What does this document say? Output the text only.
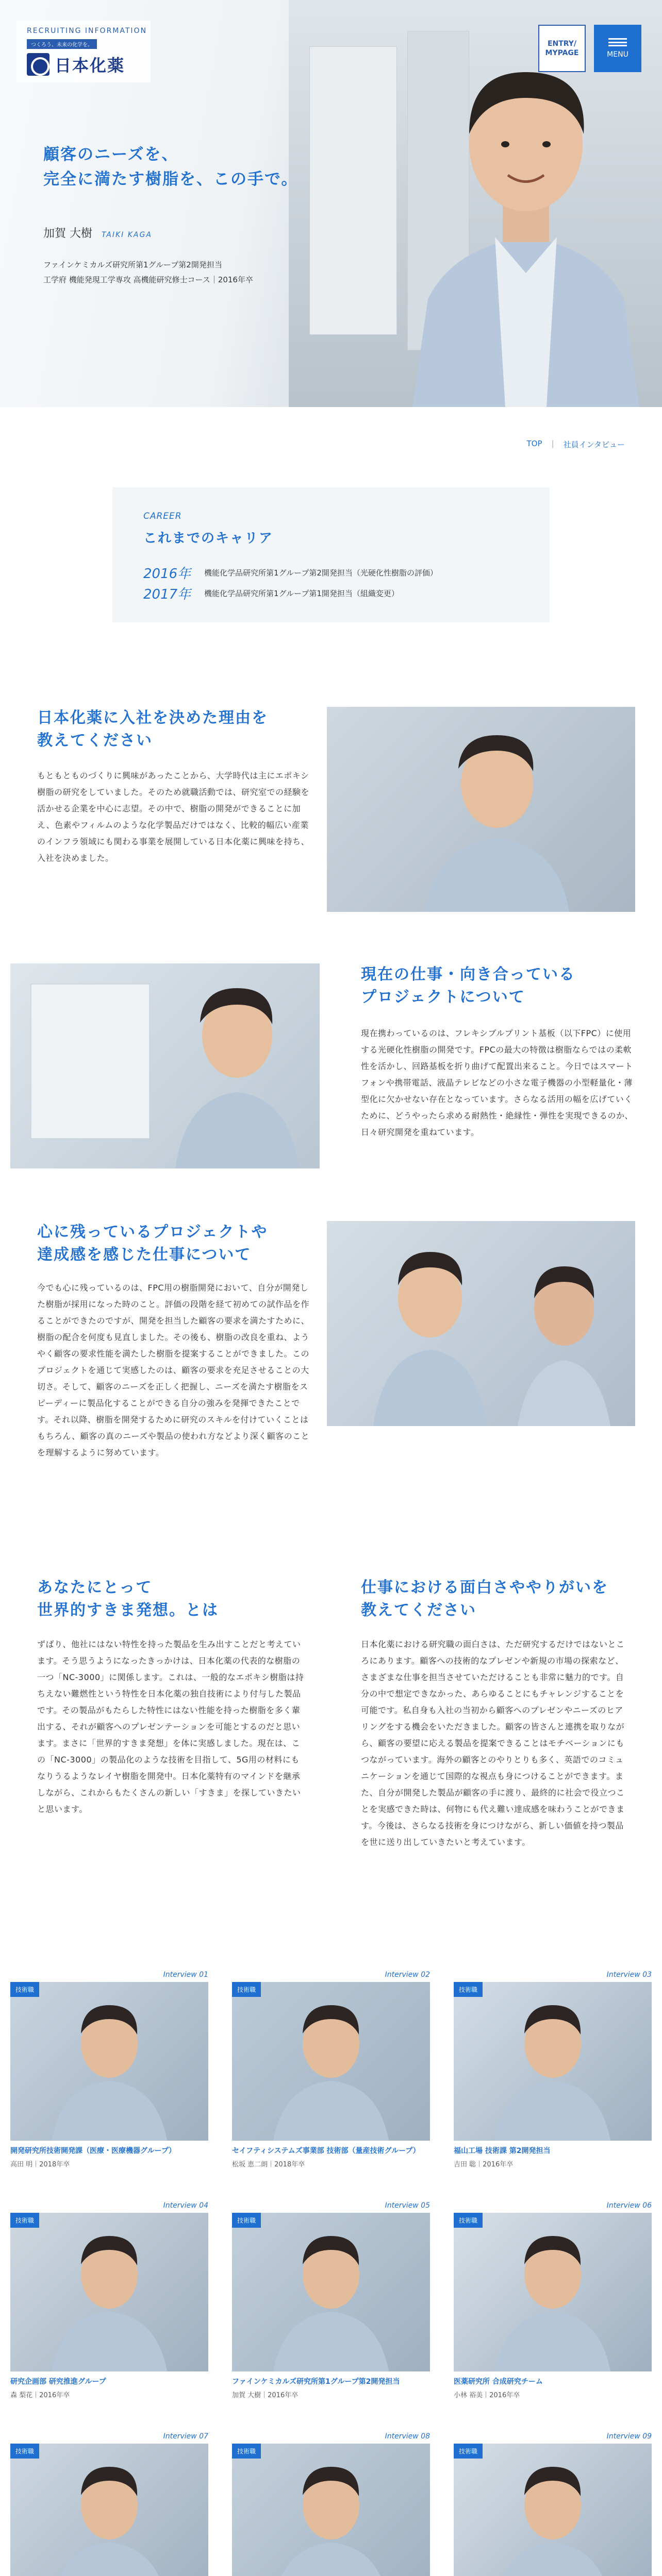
RECRUITING INFORMATION
つくろう、未来の化学を。
日本化薬
ENTRY/ MYPAGE	MENU
顧客のニーズを、
完全に満たす樹脂を、この手で。
加賀 大樹 TAIKI KAGA
ファインケミカルズ研究所第1グループ第2開発担当
工学府 機能発現工学専攻 高機能研究修士コース｜2016年卒
TOP | 社員インタビュー
CAREER
これまでのキャリア
2016年 機能化学品研究所第1グループ第2開発担当（光硬化性樹脂の評価）
2017年 機能化学品研究所第1グループ第1開発担当（組織変更）
日本化薬に入社を決めた理由を
教えてください

もともとものづくりに興味があったことから、大学時代は主にエポキシ樹脂の研究をしていました。そのため就職活動では、研究室での経験を活かせる企業を中心に志望。その中で、樹脂の開発ができることに加え、色素やフィルムのような化学製品だけではなく、比較的幅広い産業のインフラ領域にも関わる事業を展開している日本化薬に興味を持ち、入社を決めました。

現在の仕事・向き合っている
プロジェクトについて

現在携わっているのは、フレキシブルプリント基板（以下FPC）に使用する光硬化性樹脂の開発です。FPCの最大の特徴は樹脂ならではの柔軟性を活かし、回路基板を折り曲げて配置出来ること。今日ではスマートフォンや携帯電話、液晶テレビなどの小さな電子機器の小型軽量化・薄型化に欠かせない存在となっています。さらなる活用の幅を広げていくために、どうやったら求める耐熱性・絶縁性・弾性を実現できるのか、日々研究開発を重ねています。

心に残っているプロジェクトや
達成感を感じた仕事について

今でも心に残っているのは、FPC用の樹脂開発において、自分が開発した樹脂が採用になった時のこと。評価の段階を経て初めての試作品を作ることができたのですが、開発を担当した顧客の要求を満たすために、樹脂の配合を何度も見直しました。その後も、樹脂の改良を重ね、ようやく顧客の要求性能を満たした樹脂を提案することができました。このプロジェクトを通じて実感したのは、顧客の要求を充足させることの大切さ。そして、顧客のニーズを正しく把握し、ニーズを満たす樹脂をスピーディーに製品化することができる自分の強みを発揮できたことです。それ以降、樹脂を開発するために研究のスキルを付けていくことはもちろん、顧客の真のニーズや製品の使われ方などより深く顧客のことを理解するように努めています。

あなたにとって
世界的すきま発想。とは

ずばり、他社にはない特性を持った製品を生み出すことだと考えています。そう思うようになったきっかけは、日本化薬の代表的な樹脂の一つ「NC-3000」に関係します。これは、一般的なエポキシ樹脂は持ちえない難燃性という特性を日本化薬の独自技術により付与した製品です。その製品がもたらした特性にはない性能を持った樹脂を多く輩出する、それが顧客へのプレゼンテーションを可能とするのだと思います。まさに「世界的すきま発想」を体に実感しました。現在は、この「NC-3000」の製品化のような技術を目指して、5G用の材料にもなりうるようなレイヤ樹脂を開発中。日本化薬特有のマインドを継承しながら、これからもたくさんの新しい「すきま」を探していきたいと思います。

仕事における面白さややりがいを
教えてください

日本化薬における研究職の面白さは、ただ研究するだけではないところにあります。顧客への技術的なプレゼンや新規の市場の探索など、さまざまな仕事を担当させていただけることも非常に魅力的です。自分の中で想定できなかった、あらゆることにもチャレンジすることを可能です。私自身も入社の当初から顧客へのプレゼンやニーズのヒアリングをする機会をいただきました。顧客の皆さんと連携を取りながら、顧客の要望に応える製品を提案できることはモチベーションにもつながっています。海外の顧客とのやりとりも多く、英語でのコミュニケーションを通じて国際的な視点も身につけることができます。また、自分が開発した製品が顧客の手に渡り、最終的に社会で役立つことを実感できた時は、何物にも代え難い達成感を味わうことができます。今後は、さらなる技術を身につけながら、新しい価値を持つ製品を世に送り出していきたいと考えています。

Interview 01
技術職
開発研究所技術開発課（医療・医療機器グループ）
高田 明｜2018年卒
Interview 02
技術職
セイフティシステムズ事業部 技術部（量産技術グループ）
松坂 恵二朗｜2018年卒
Interview 03
技術職
福山工場 技術課 第2開発担当
吉田 聡｜2016年卒
Interview 04
技術職
研究企画部 研究推進グループ
森 梨花｜2016年卒
Interview 05
技術職
ファインケミカルズ研究所第1グループ第2開発担当
加賀 大樹｜2016年卒
Interview 06
技術職
医薬研究所 合成研究チーム
小林 裕美｜2016年卒
Interview 07
技術職
Interview 08
技術職
Interview 09
技術職
